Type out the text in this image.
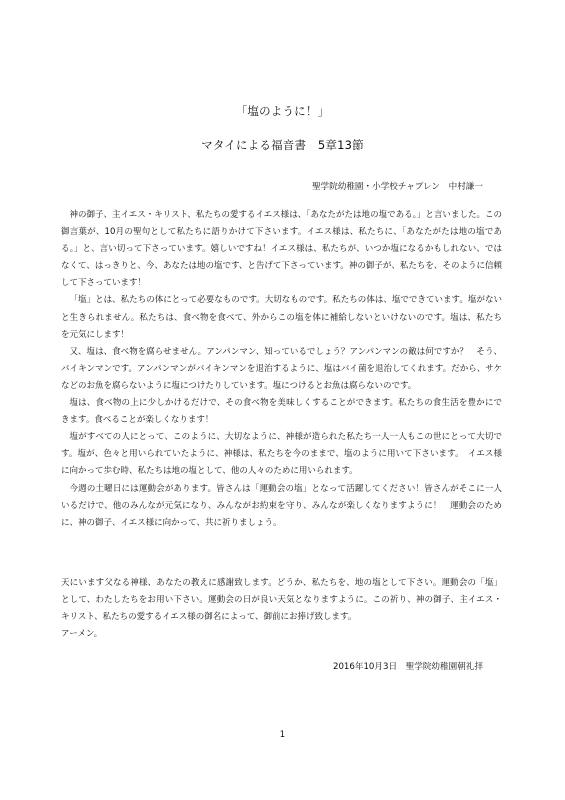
「塩のように！」
マタイによる福音書　5章13節
聖学院幼稚園・小学校チャプレン　中村謙一

神の御子、主イエス・キリスト、私たちの愛するイエス様は、「あなたがたは地の塩である。」と言いました。この御言葉が、10月の聖句として私たちに語りかけて下さいます。イエス様は、私たちに、「あなたがたは地の塩である。」と、言い切って下さっています。嬉しいですね！イエス様は、私たちが、いつか塩になるかもしれない、ではなくて、はっきりと、今、あなたは地の塩です、と告げて下さっています。神の御子が、私たちを、そのように信頼して下さっています！

「塩」とは、私たちの体にとって必要なものです。大切なものです。私たちの体は、塩でできています。塩がないと生きられません。私たちは、食べ物を食べて、外からこの塩を体に補給しないといけないのです。塩は、私たちを元気にします！

又、塩は、食べ物を腐らせません。アンパンマン、知っているでしょう？アンパンマンの敵は何ですか？　そう、バイキンマンです。アンパンマンがバイキンマンを退治するように、塩はバイ菌を退治してくれます。だから、サケなどのお魚を腐らないように塩につけたりしています。塩につけるとお魚は腐らないのです。

塩は、食べ物の上に少しかけるだけで、その食べ物を美味しくすることができます。私たちの食生活を豊かにできます。食べることが楽しくなります！

塩がすべての人にとって、このように、大切なように、神様が造られた私たち一人一人もこの世にとって大切です。塩が、色々と用いられていたように、神様は、私たちを今のままで、塩のように用いて下さいます。　イエス様に向かって歩む時、私たちは地の塩として、他の人々のために用いられます。

今週の土曜日には運動会があります。皆さんは「運動会の塩」となって活躍してください！皆さんがそこに一人いるだけで、他のみんなが元気になり、みんながお約束を守り、みんなが楽しくなりますように！　運動会のために、神の御子、イエス様に向かって、共に祈りましょう。

天にいます父なる神様、あなたの教えに感謝致します。どうか、私たちを、地の塩として下さい。運動会の「塩」として、わたしたちをお用い下さい。運動会の日が良い天気となりますように。この祈り、神の御子、主イエス・キリスト、私たちの愛するイエス様の御名によって、御前にお捧げ致します。

アーメン。

2016年10月3日　聖学院幼稚園朝礼拝
1
